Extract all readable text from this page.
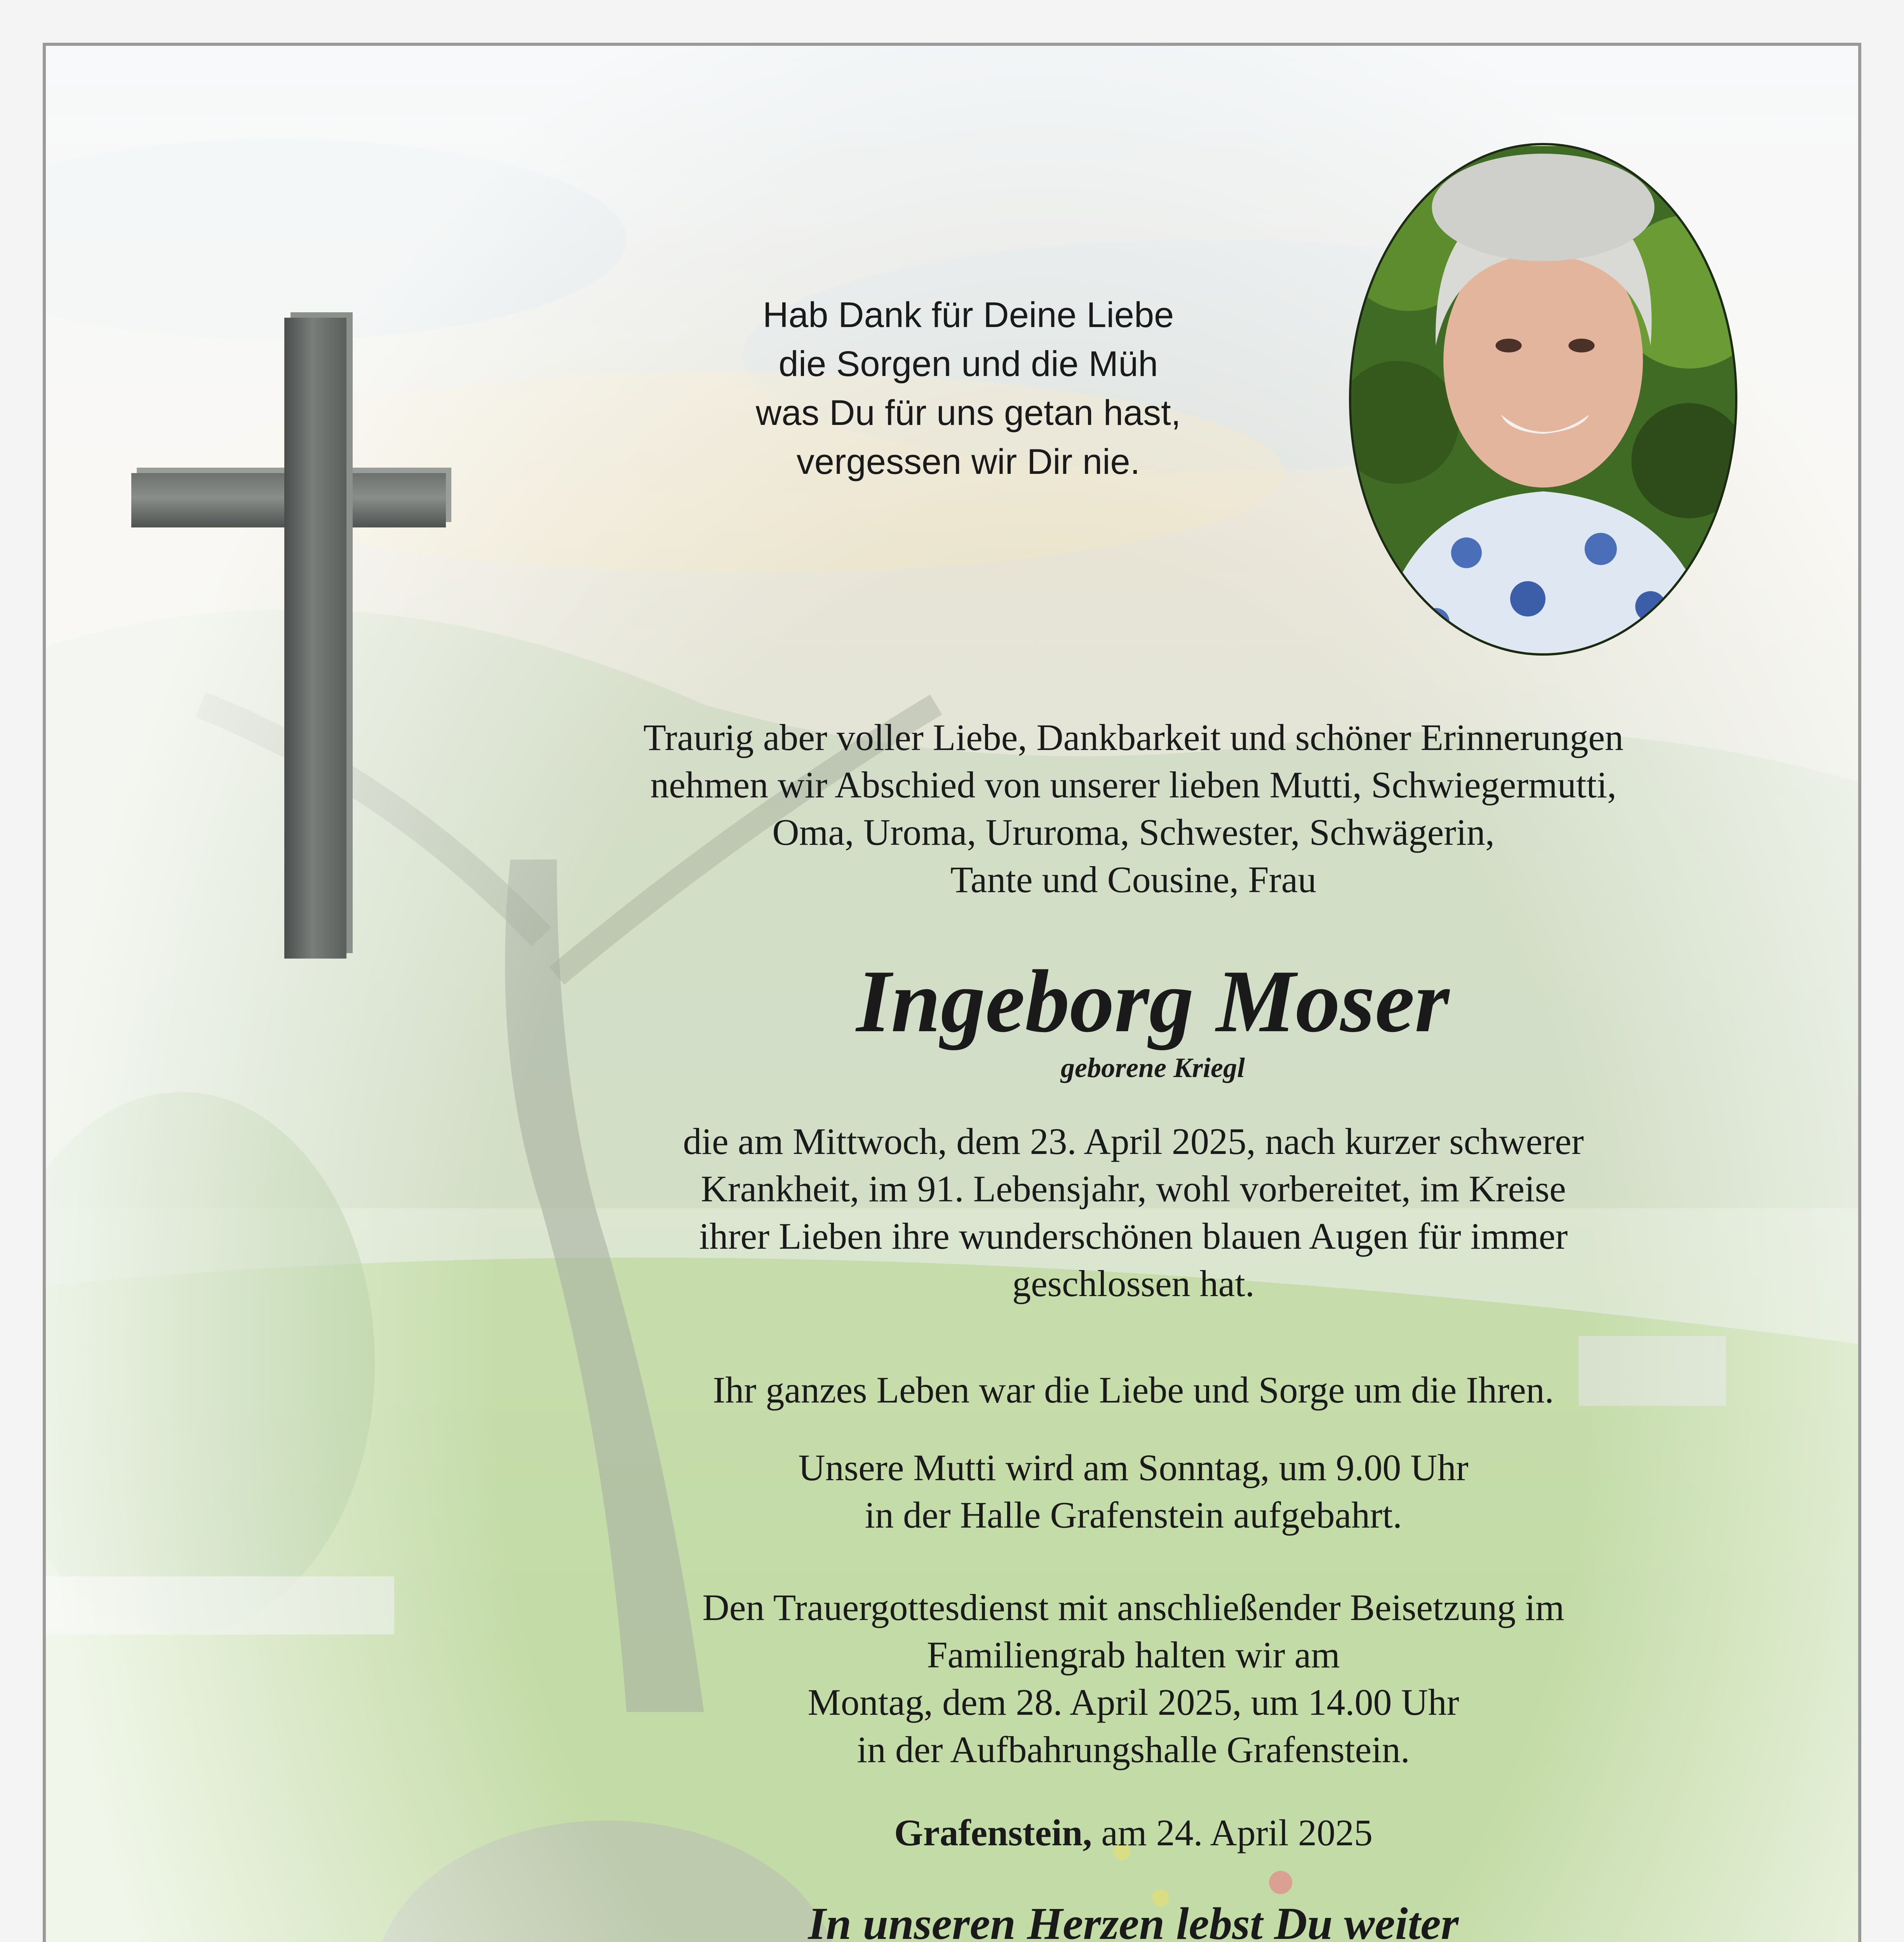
Hab Dank für Deine Liebe
die Sorgen und die Müh
was Du für uns getan hast,
vergessen wir Dir nie.
Traurig aber voller Liebe, Dankbarkeit und schöner Erinnerungen
nehmen wir Abschied von unserer lieben Mutti, Schwiegermutti,
Oma, Uroma, Ururoma, Schwester, Schwägerin,
Tante und Cousine, Frau
Ingeborg Moser
geborene Kriegl
die am Mittwoch, dem 23. April 2025, nach kurzer schwerer
Krankheit, im 91. Lebensjahr, wohl vorbereitet, im Kreise
ihrer Lieben ihre wunderschönen blauen Augen für immer
geschlossen hat.
Ihr ganzes Leben war die Liebe und Sorge um die Ihren.
Unsere Mutti wird am Sonntag, um 9.00 Uhr
in der Halle Grafenstein aufgebahrt.
Den Trauergottesdienst mit anschließender Beisetzung im
Familiengrab halten wir am
Montag, dem 28. April 2025, um 14.00 Uhr
in der Aufbahrungshalle Grafenstein.
Grafenstein, am 24. April 2025
In unseren Herzen lebst Du weiter
